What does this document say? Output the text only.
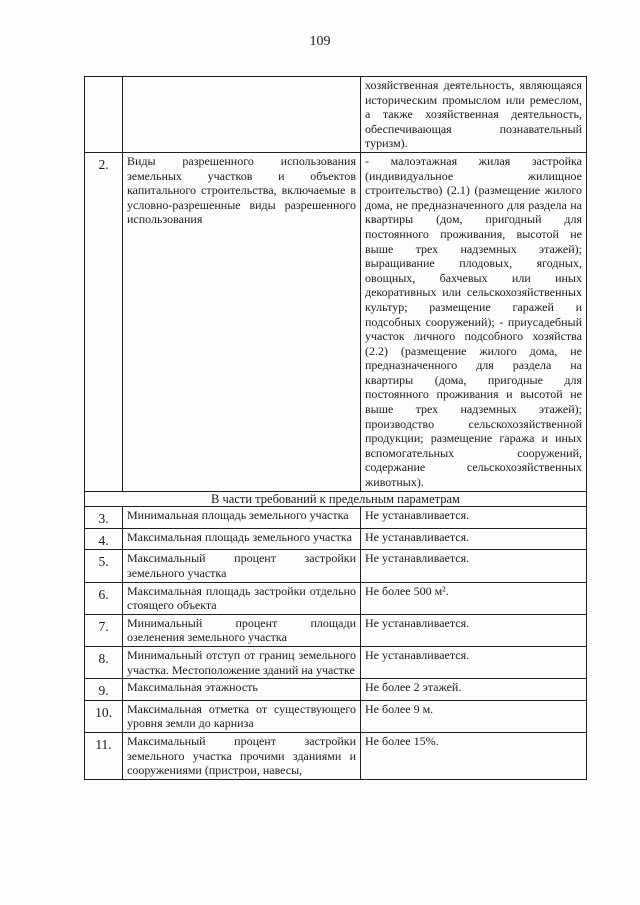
109
		хозяйственная деятельность, являющаяся историческим промыслом или ремеслом, а также хозяйственная деятельность, обеспечивающая познавательный туризм).
2.	Виды разрешенного использования земельных участков и объектов капитального строительства, включаемые в условно-разрешенные виды разрешенного использования	- малоэтажная жилая застройка (индивидуальное жилищное строительство) (2.1) (размещение жилого дома, не предназначенного для раздела на квартиры (дом, пригодный для постоянного проживания, высотой не выше трех надземных этажей); выращивание плодовых, ягодных, овощных, бахчевых или иных декоративных или сельскохозяйственных культур; размещение гаражей и подсобных сооружений); - приусадебный участок личного подсобного хозяйства (2.2) (размещение жилого дома, не предназначенного для раздела на квартиры (дома, пригодные для постоянного проживания и высотой не выше трех надземных этажей); производство сельскохозяйственной продукции; размещение гаража и иных вспомогательных сооружений, содержание сельскохозяйственных животных).
В части требований к предельным параметрам		
3.	Минимальная площадь земельного участка	Не устанавливается.
4.	Максимальная площадь земельного участка	Не устанавливается.
5.	Максимальный процент застройки земельного участка	Не устанавливается.
6.	Максимальная площадь застройки отдельно стоящего объекта	Не более 500 м².
7.	Минимальный процент площади озеленения земельного участка	Не устанавливается.
8.	Минимальный отступ от границ земельного участка. Местоположение зданий на участке	Не устанавливается.
9.	Максимальная этажность	Не более 2 этажей.
10.	Максимальная отметка от существующего уровня земли до карниза	Не более 9 м.
11.	Максимальный процент застройки земельного участка прочими зданиями и сооружениями (пристрои, навесы,	Не более 15%.
